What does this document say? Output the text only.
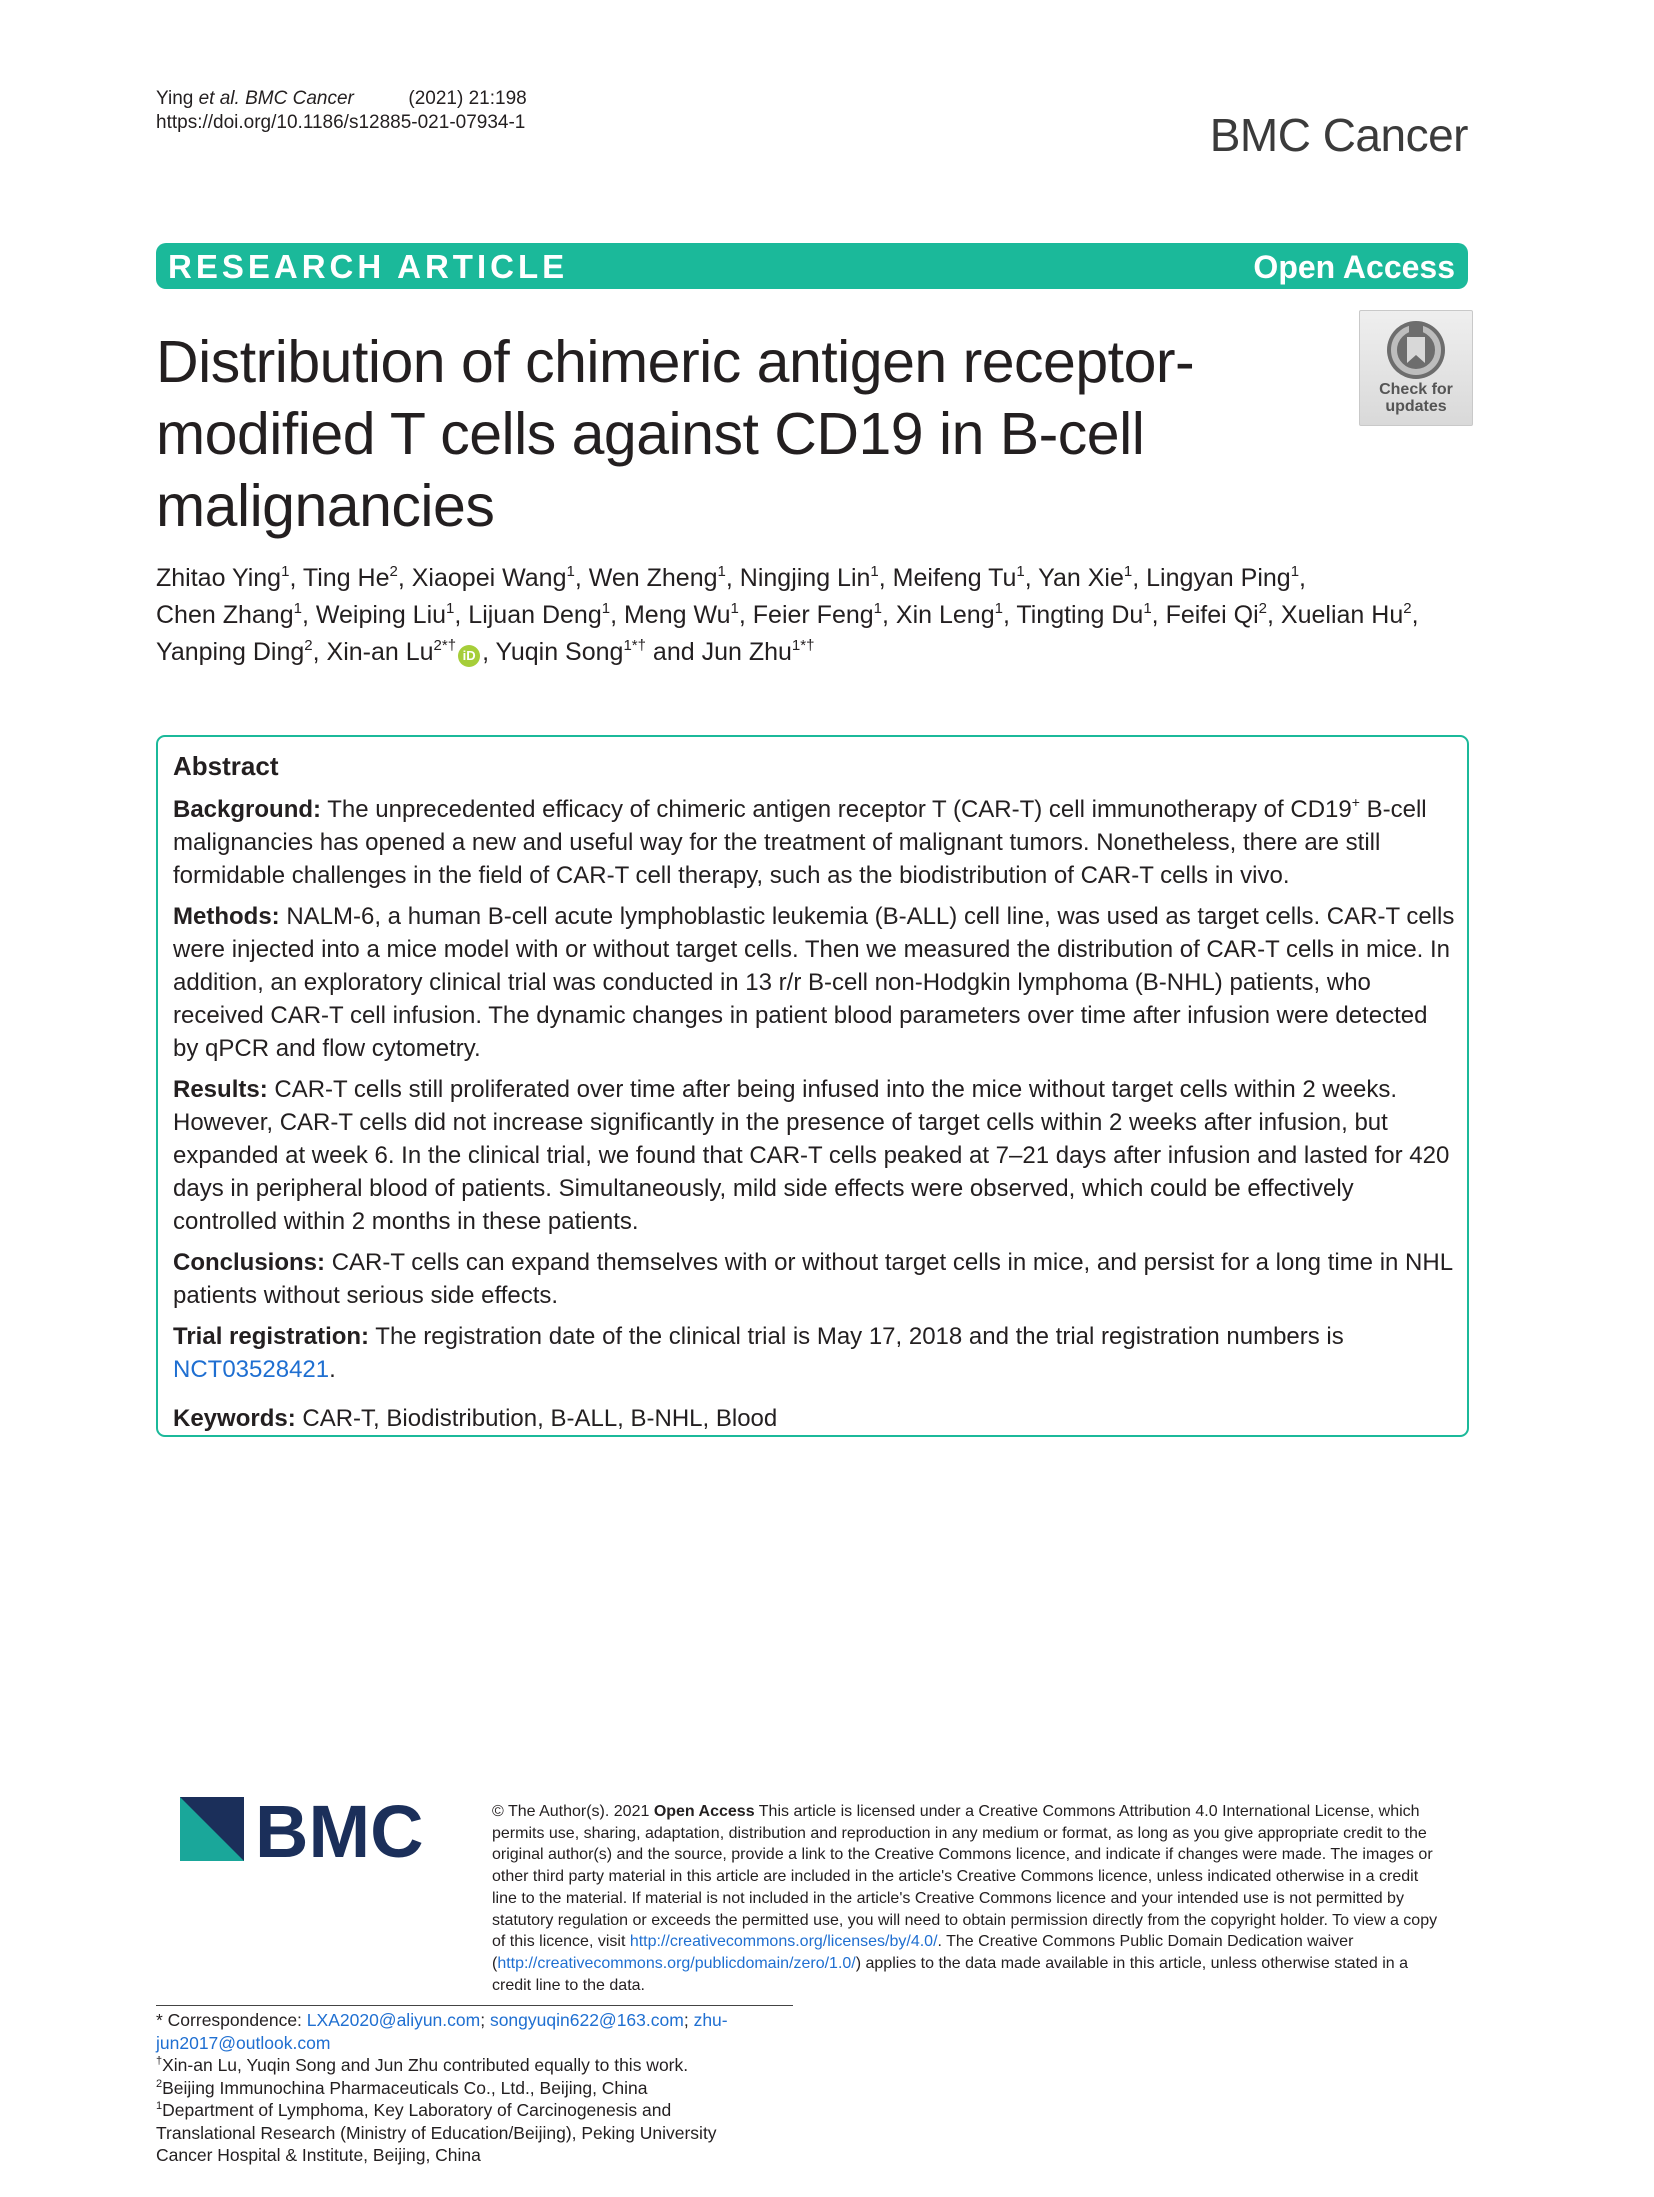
Ying et al. BMC Cancer	(2021) 21:198
https://doi.org/10.1186/s12885-021-07934-1	BMC Cancer
RESEARCH ARTICLE	Open Access
Distribution of chimeric antigen receptor-modified T cells against CD19 in B-cell malignancies
Check for
updates
Zhitao Ying$^1$, Ting He$^2$, Xiaopei Wang$^1$, Wen Zheng$^1$, Ningjing Lin$^1$, Meifeng Tu$^1$, Yan Xie$^1$, Lingyan Ping$^1$,
Chen Zhang$^1$, Weiping Liu$^1$, Lijuan Deng$^1$, Meng Wu$^1$, Feier Feng$^1$, Xin Leng$^1$, Tingting Du$^1$, Feifei Qi$^2$, Xuelian Hu$^2$,
Yanping Ding$^2$, Xin-an $Lu^{2*\dagger}iD$ , Yuqin Song$^{1*\dagger}$ and Jun Zhu$^{1*\dagger}$
Abstract

Background: The unprecedented efficacy of chimeric antigen receptor T (CAR-T) cell immunotherapy of CD19+ B-cell malignancies has opened a new and useful way for the treatment of malignant tumors. Nonetheless, there are still formidable challenges in the field of CAR-T cell therapy, such as the biodistribution of CAR-T cells in vivo.

Methods: NALM-6, a human B-cell acute lymphoblastic leukemia (B-ALL) cell line, was used as target cells. CAR-T cells were injected into a mice model with or without target cells. Then we measured the distribution of CAR-T cells in mice. In addition, an exploratory clinical trial was conducted in 13 r/r B-cell non-Hodgkin lymphoma (B-NHL) patients, who received CAR-T cell infusion. The dynamic changes in patient blood parameters over time after infusion were detected by qPCR and flow cytometry.

Results: CAR-T cells still proliferated over time after being infused into the mice without target cells within 2 weeks. However, CAR-T cells did not increase significantly in the presence of target cells within 2 weeks after infusion, but expanded at week 6. In the clinical trial, we found that CAR-T cells peaked at 7–21 days after infusion and lasted for 420 days in peripheral blood of patients. Simultaneously, mild side effects were observed, which could be effectively controlled within 2 months in these patients.

Conclusions: CAR-T cells can expand themselves with or without target cells in mice, and persist for a long time in NHL patients without serious side effects.

Trial registration: The registration date of the clinical trial is May 17, 2018 and the trial registration numbers is NCT03528421.

Keywords: CAR-T, Biodistribution, B-ALL, B-NHL, Blood

* Correspondence: LXA2020@aliyun.com; songyuqin622@163.com; zhu-
jun2017@outlook.com
†Xin-an Lu, Yuqin Song and Jun Zhu contributed equally to this work.
$^2$Beijing Immunochina Pharmaceuticals Co., Ltd., Beijing, China
$^1$Department of Lymphoma, Key Laboratory of Carcinogenesis and
Translational Research (Ministry of Education/Beijing), Peking University
Cancer Hospital & Institute, Beijing, China
BMC	© The Author(s). 2021 Open Access This article is licensed under a Creative Commons Attribution 4.0 International License, which permits use, sharing, adaptation, distribution and reproduction in any medium or format, as long as you give appropriate credit to the original author(s) and the source, provide a link to the Creative Commons licence, and indicate if changes were made. The images or other third party material in this article are included in the article's Creative Commons licence, unless indicated otherwise in a credit line to the material. If material is not included in the article's Creative Commons licence and your intended use is not permitted by statutory regulation or exceeds the permitted use, you will need to obtain permission directly from the copyright holder. To view a copy of this licence, visit http://creativecommons.org/licenses/by/4.0/. The Creative Commons Public Domain Dedication waiver (http://creativecommons.org/publicdomain/zero/1.0/) applies to the data made available in this article, unless otherwise stated in a credit line to the data.
